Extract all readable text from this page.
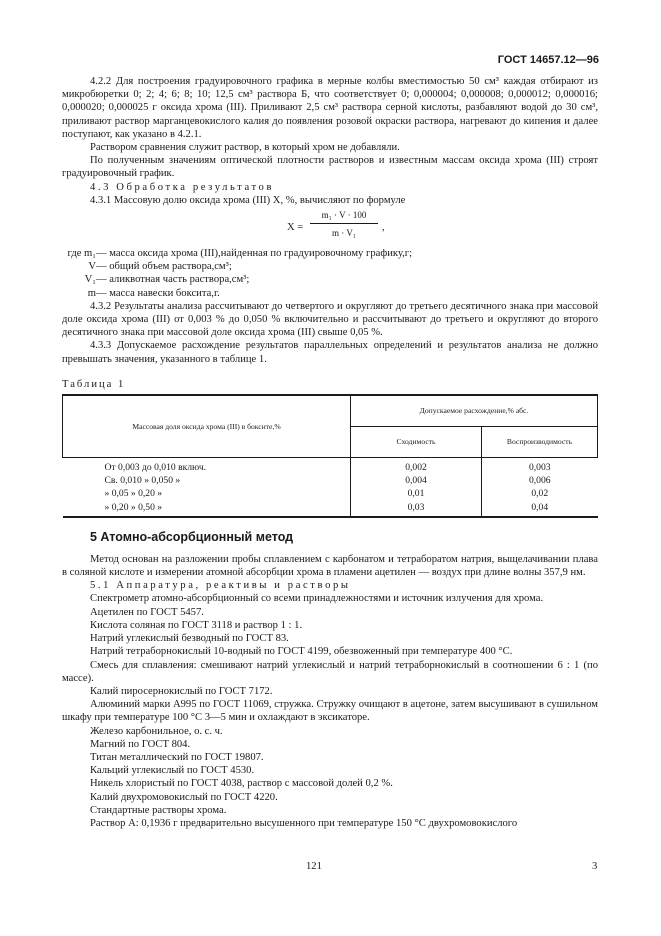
ГОСТ 14657.12—96

4.2.2 Для построения градуировочного графика в мерные колбы вместимостью 50 см³ каждая отбирают из микробюретки 0; 2; 4; 6; 8; 10; 12,5 см³ раствора Б, что соответствует 0; 0,000004; 0,000008; 0,000012; 0,000016; 0,000020; 0,000025 г оксида хрома (III). Приливают 2,5 см³ раствора серной кислоты, разбавляют водой до 30 см³, приливают раствор марганцевокислого калия до появления розовой окраски раствора, нагревают до кипения и далее поступают, как указано в 4.2.1.

Раствором сравнения служит раствор, в который хром не добавляли.

По полученным значениям оптической плотности растворов и известным массам оксида хрома (III) строят градуировочный график.

4.3 Обработка результатов

4.3.1 Массовую долю оксида хрома (III) X, %, вычисляют по формуле

X =
m₁ · V · 100
m · V₁	,
где m₁ — масса оксида хрома (III),найденная по градуировочному графику,г;
V — общий объем раствора,см³;
V₁ — аликвотная часть раствора,см³;
m — масса навески боксита,г.

4.3.2 Результаты анализа рассчитывают до четвертого и округляют до третьего десятичного знака при массовой доле оксида хрома (III) от 0,003 % до 0,050 % включительно и рассчитывают до третьего и округляют до второго десятичного знака при массовой доле оксида хрома (III) свыше 0,05 %.

4.3.3 Допускаемое расхождение результатов параллельных определений и результатов анализа не должно превышать значения, указанного в таблице 1.

Таблица 1

Массовая доля оксида хрома (III) в боксите,%	Допускаемое расхождение,% абс.	
	Сходимость	Воспроизводимость
От 0,003 до 0,010 включ.	0,002	0,003
Св. 0,010 » 0,050 »	0,004	0,006
» 0,05 » 0,20 »	0,01	0,02
» 0,20 » 0,50 »	0,03	0,04
5 Атомно-абсорбционный метод

Метод основан на разложении пробы сплавлением с карбонатом и тетраборатом натрия, выщелачивании плава в соляной кислоте и измерении атомной абсорбции хрома в пламени ацетилен — воздух при длине волны 357,9 нм.

5.1 Аппаратура, реактивы и растворы

Спектрометр атомно-абсорбционный со всеми принадлежностями и источник излучения для хрома.

Ацетилен по ГОСТ 5457.

Кислота соляная по ГОСТ 3118 и раствор 1 : 1.

Натрий углекислый безводный по ГОСТ 83.

Натрий тетраборнокислый 10-водный по ГОСТ 4199, обезвоженный при температуре 400 °С.

Смесь для сплавления: смешивают натрий углекислый и натрий тетраборнокислый в соотношении 6 : 1 (по массе).

Калий пиросернокислый по ГОСТ 7172.

Алюминий марки А995 по ГОСТ 11069, стружка. Стружку очищают в ацетоне, затем высушивают в сушильном шкафу при температуре 100 °С 3—5 мин и охлаждают в эксикаторе.

Железо карбонильное, о. с. ч.

Магний по ГОСТ 804.

Титан металлический по ГОСТ 19807.

Кальций углекислый по ГОСТ 4530.

Никель хлористый по ГОСТ 4038, раствор с массовой долей 0,2 %.

Калий двухромовокислый по ГОСТ 4220.

Стандартные растворы хрома.

Раствор А: 0,1936 г предварительно высушенного при температуре 150 °С двухромовокислого

121	3
